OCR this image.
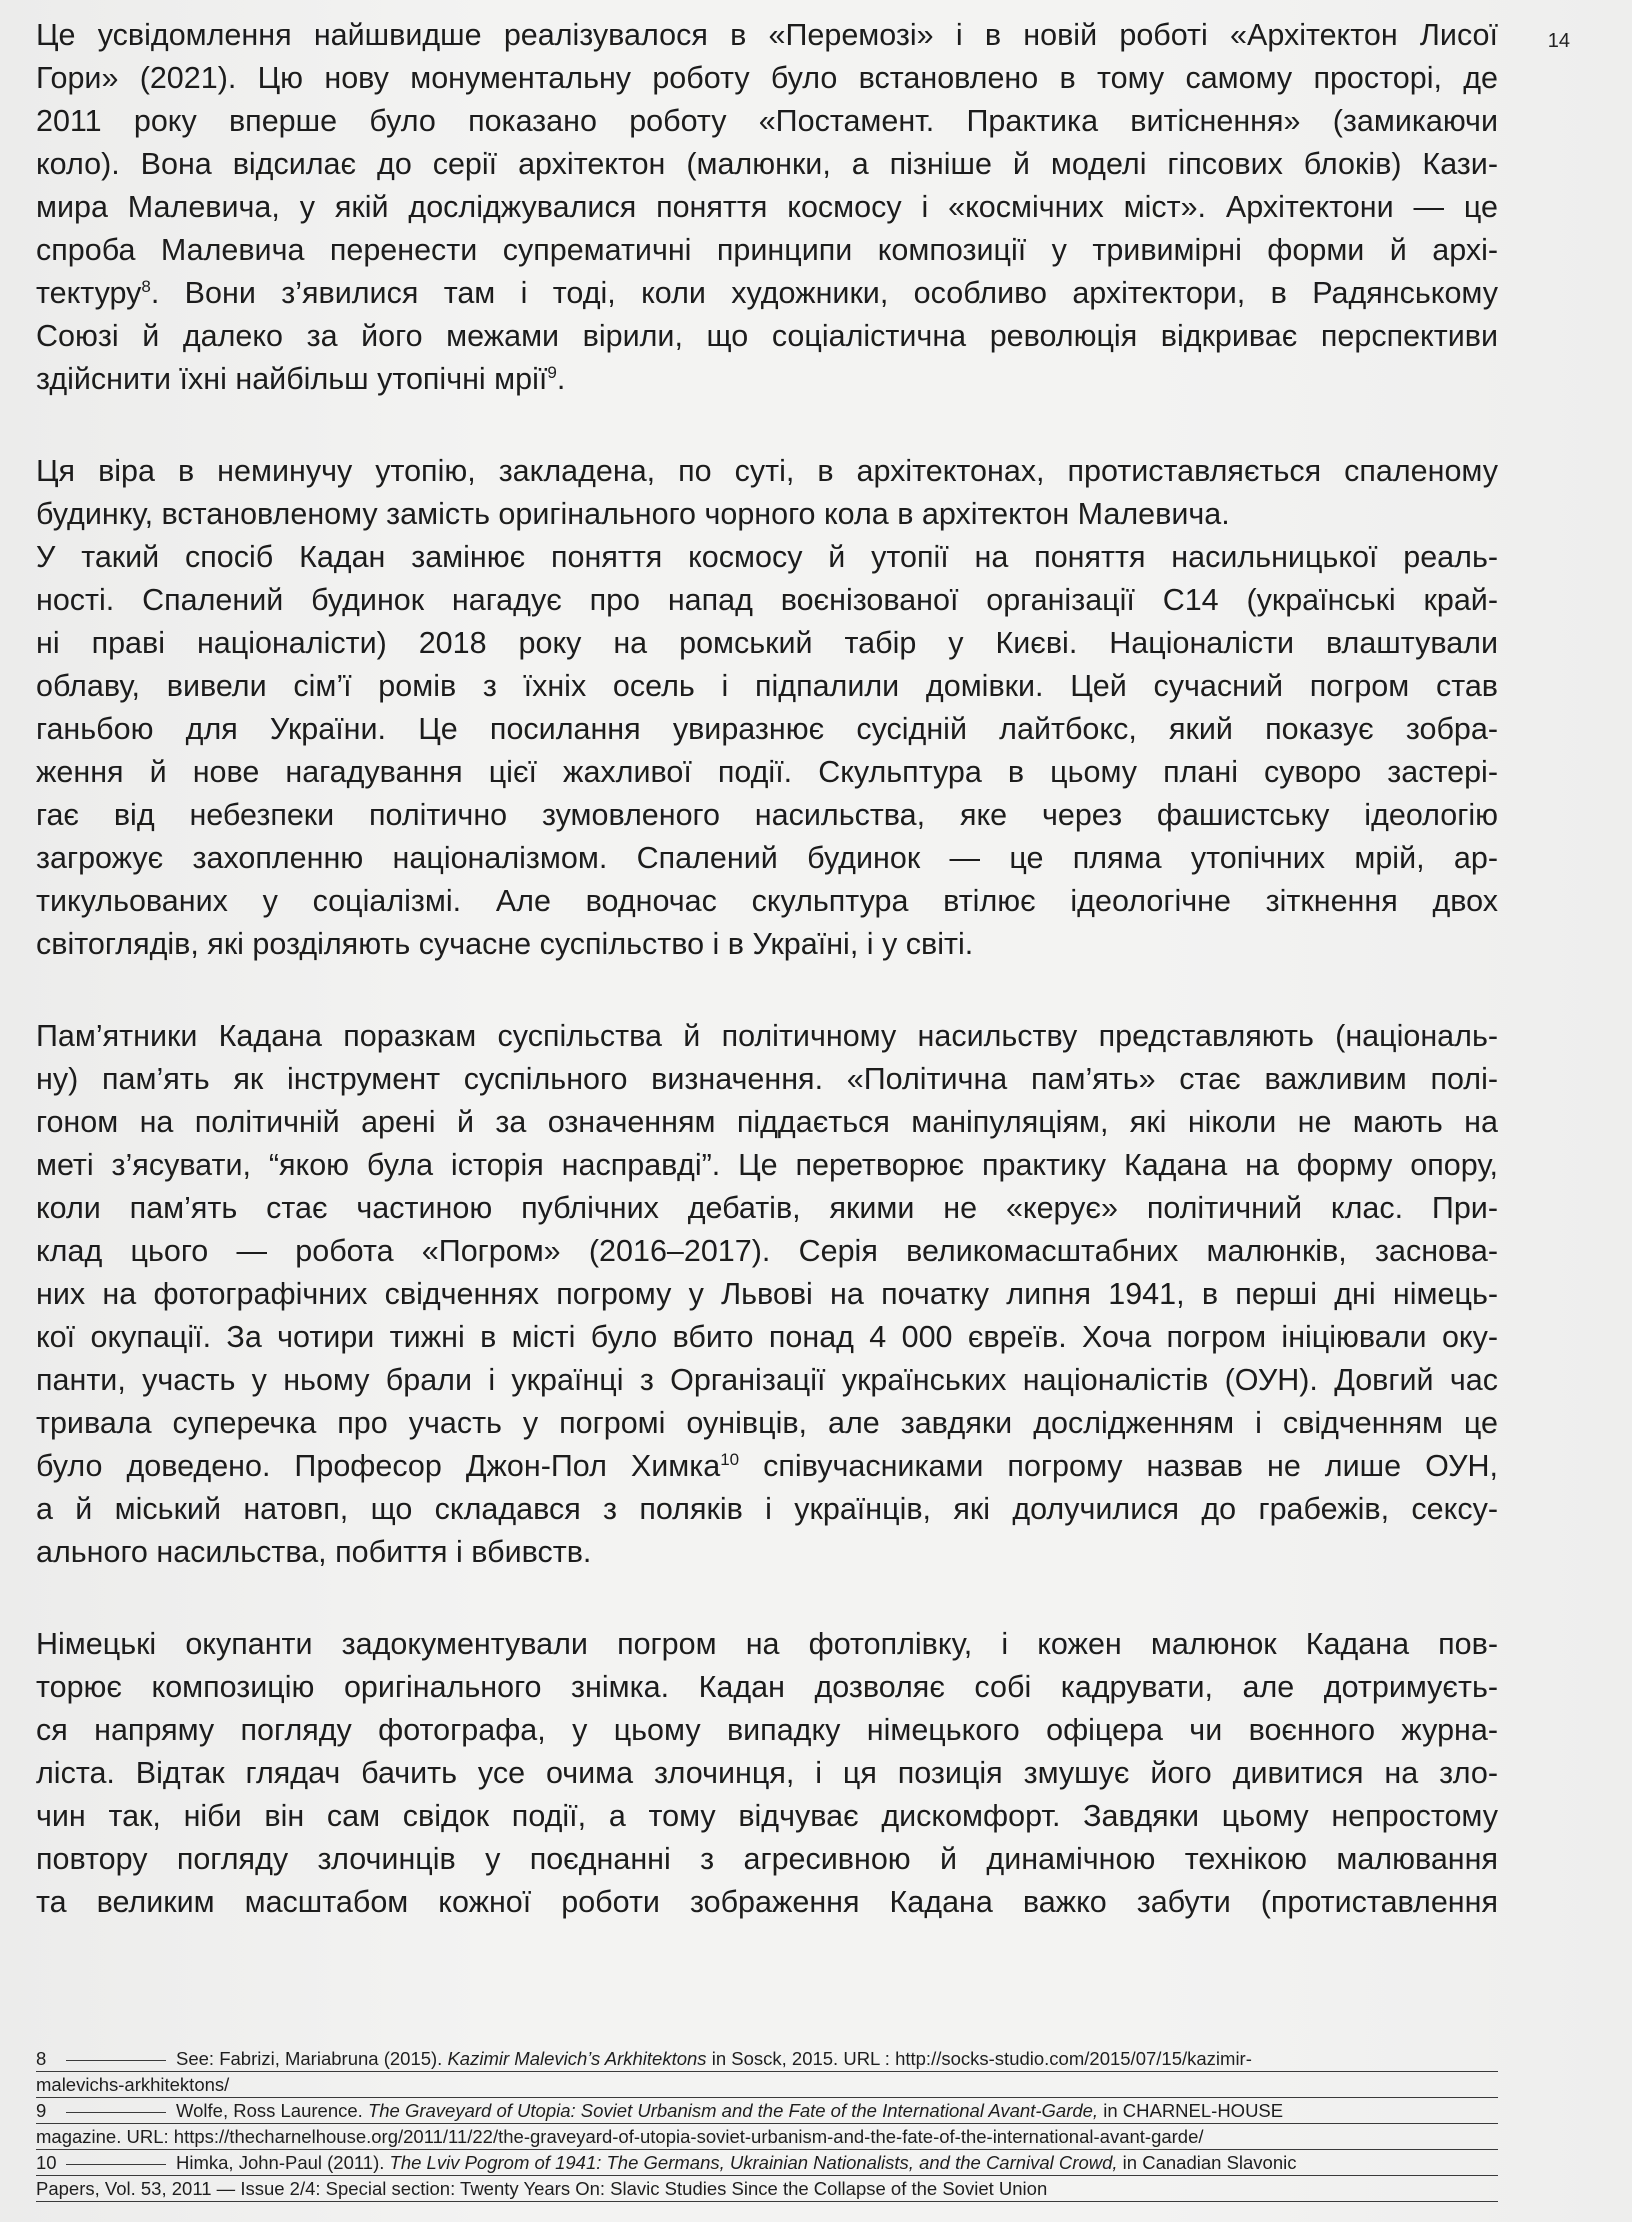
14

Це усвідомлення найшвидше реалізувалося в «Перемозі» і в новій роботі «Архітектон Лисої
Гори» (2021). Цю нову монументальну роботу було встановлено в тому самому просторі, де
2011 року вперше було показано роботу «Постамент. Практика витіснення» (замикаючи
коло). Вона відсилає до серії архітектон (малюнки, а пізніше й моделі гіпсових блоків) Кази-
мира Малевича, у якій досліджувалися поняття космосу і «космічних міст». Архітектони — це
спроба Малевича перенести супрематичні принципи композиції у тривимірні форми й архі-
тектуру$^8$. Вони з’явилися там і тоді, коли художники, особливо архітектори, в Радянському
Союзі й далеко за його межами вірили, що соціалістична революція відкриває перспективи
здійснити їхні найбільш утопічні мрії$^9$.

Ця віра в неминучу утопію, закладена, по суті, в архітектонах, протиставляється спаленому
будинку, встановленому замість оригінального чорного кола в архітектон Малевича.
У такий спосіб Кадан замінює поняття космосу й утопії на поняття насильницької реаль-
ності. Спалений будинок нагадує про напад воєнізованої організації С14 (українські край-
ні праві націоналісти) 2018 року на ромський табір у Києві. Націоналісти влаштували
облаву, вивели сім’ї ромів з їхніх осель і підпалили домівки. Цей сучасний погром став
ганьбою для України. Це посилання увиразнює сусідній лайтбокс, який показує зобра-
ження й нове нагадування цієї жахливої події. Скульптура в цьому плані суворо застері-
гає від небезпеки політично зумовленого насильства, яке через фашистську ідеологію
загрожує захопленню націоналізмом. Спалений будинок — це пляма утопічних мрій, ар-
тикульованих у соціалізмі. Але водночас скульптура втілює ідеологічне зіткнення двох
світоглядів, які розділяють сучасне суспільство і в Україні, і у світі.

Пам’ятники Кадана поразкам суспільства й політичному насильству представляють (національ-
ну) пам’ять як інструмент суспільного визначення. «Політична пам’ять» стає важливим полі-
гоном на політичній арені й за означенням піддається маніпуляціям, які ніколи не мають на
меті з’ясувати, “якою була історія насправді”. Це перетворює практику Кадана на форму опору,
коли пам’ять стає частиною публічних дебатів, якими не «керує» політичний клас. При-
клад цього — робота «Погром» (2016–2017). Серія великомасштабних малюнків, заснова-
них на фотографічних свідченнях погрому у Львові на початку липня 1941, в перші дні німець-
кої окупації. За чотири тижні в місті було вбито понад 4 000 євреїв. Хоча погром ініціювали оку-
панти, участь у ньому брали і українці з Організації українських націоналістів (ОУН). Довгий час
тривала суперечка про участь у погромі оунівців, але завдяки дослідженням і свідченням це
було доведено. Професор Джон-Пол Химка$^{10}$ співучасниками погрому назвав не лише ОУН,
а й міський натовп, що складався з поляків і українців, які долучилися до грабежів, сексу-
ального насильства, побиття і вбивств.

Німецькі окупанти задокументували погром на фотоплівку, і кожен малюнок Кадана пов-
торює композицію оригінального знімка. Кадан дозволяє собі кадрувати, але дотримуєть-
ся напряму погляду фотографа, у цьому випадку німецького офіцера чи воєнного журна-
ліста. Відтак глядач бачить усе очима злочинця, і ця позиція змушує його дивитися на зло-
чин так, ніби він сам свідок події, а тому відчуває дискомфорт. Завдяки цьому непростому
повтору погляду злочинців у поєднанні з агресивною й динамічною технікою малювання
та великим масштабом кожної роботи зображення Кадана важко забути (протиставлення

8	See: Fabrizi, Mariabruna (2015). Kazimir Malevich’s Arkhitektons in Sosck, 2015. URL : http://socks-studio.com/2015/07/15/kazimir-
malevichs-arkhitektons/
9	Wolfe, Ross Laurence. The Graveyard of Utopia: Soviet Urbanism and the Fate of the International Avant-Garde, in CHARNEL-HOUSE
magazine. URL: https://thecharnelhouse.org/2011/11/22/the-graveyard-of-utopia-soviet-urbanism-and-the-fate-of-the-international-avant-garde/
10	Himka, John-Paul (2011). The Lviv Pogrom of 1941: The Germans, Ukrainian Nationalists, and the Carnival Crowd, in Canadian Slavonic
Papers, Vol. 53, 2011 — Issue 2/4: Special section: Twenty Years On: Slavic Studies Since the Collapse of the Soviet Union
